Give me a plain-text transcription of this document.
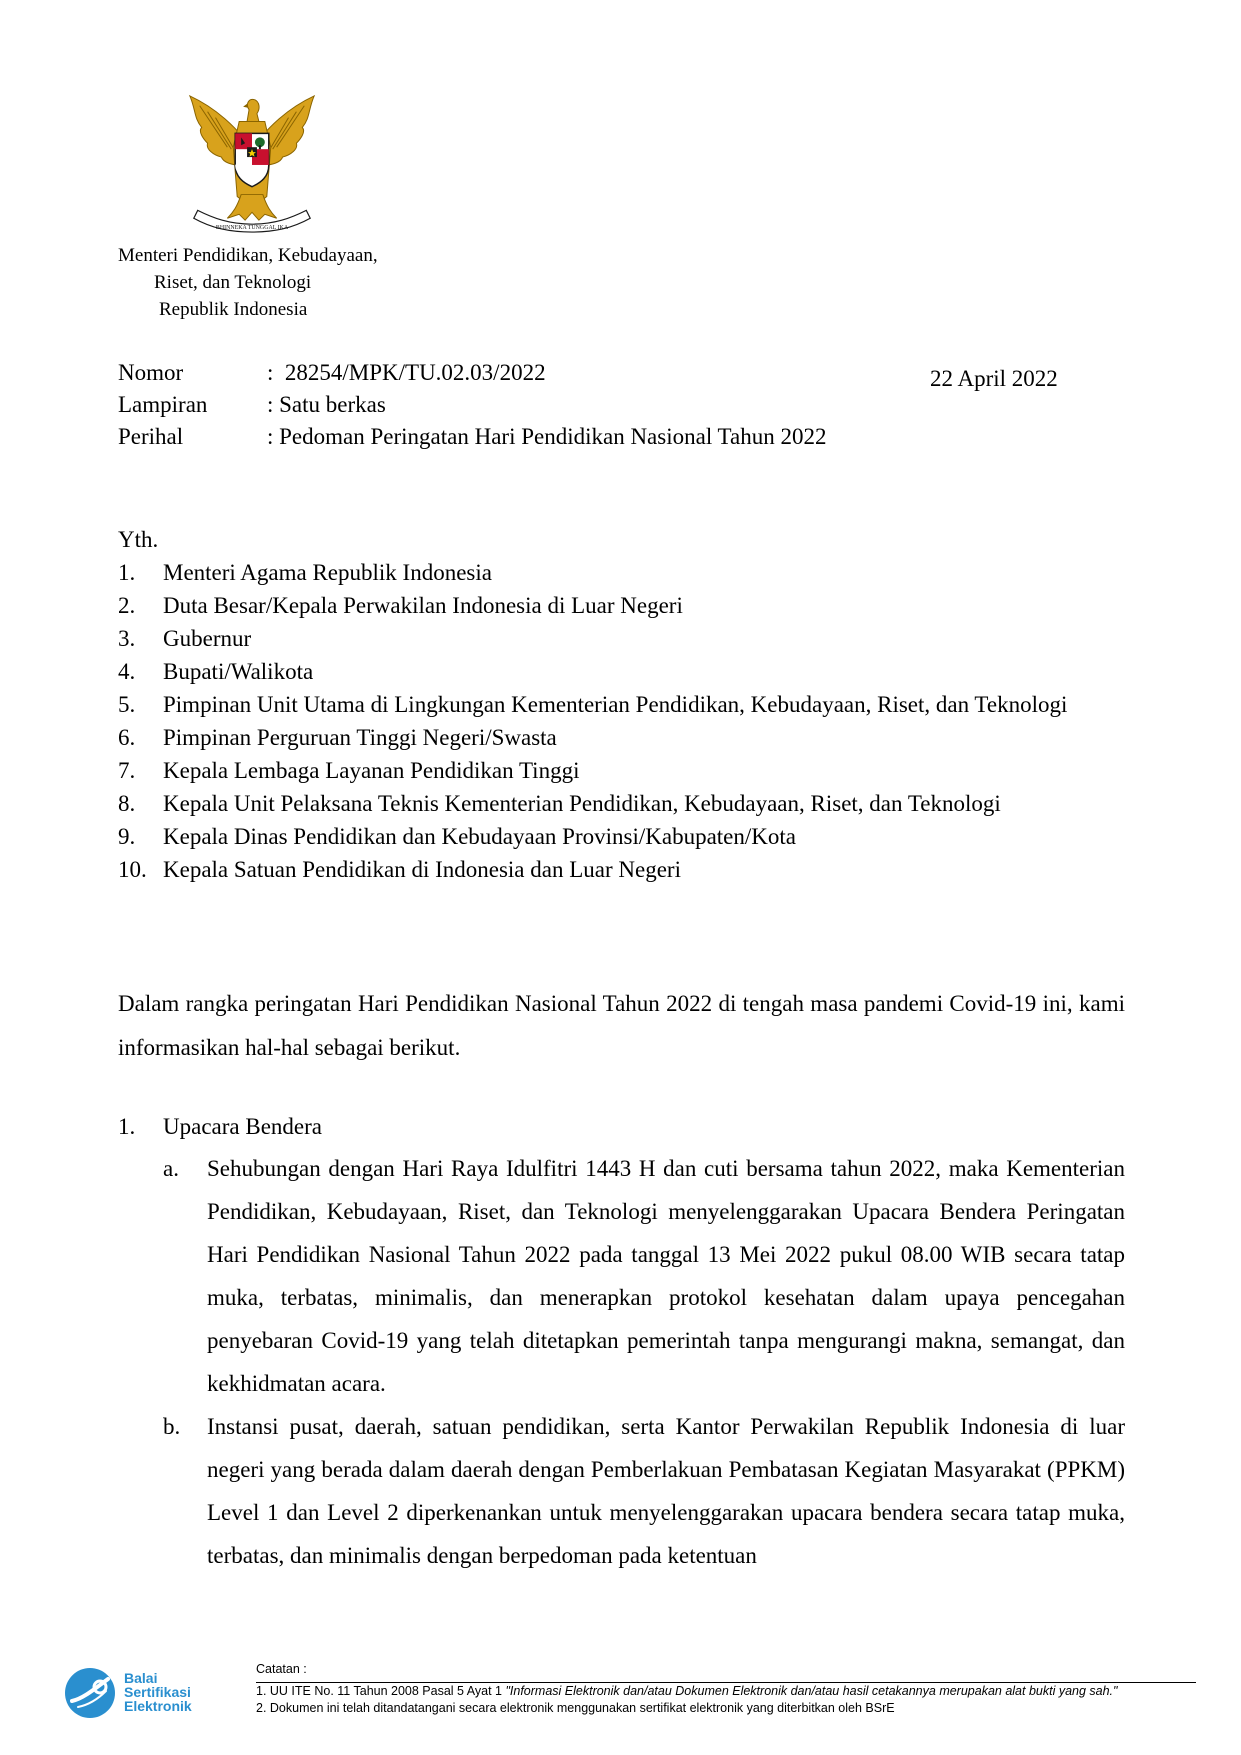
BHINNEKA TUNGGAL IKA
Menteri Pendidikan, Kebudayaan,
Riset, dan Teknologi
Republik Indonesia
Nomor	:  28254/MPK/TU.02.03/2022
Lampiran	: Satu berkas
Perihal	: Pedoman Peringatan Hari Pendidikan Nasional Tahun 2022
22 April 2022
Yth.
1. Menteri Agama Republik Indonesia
2. Duta Besar/Kepala Perwakilan Indonesia di Luar Negeri
3. Gubernur
4. Bupati/Walikota
5. Pimpinan Unit Utama di Lingkungan Kementerian Pendidikan, Kebudayaan, Riset, dan Teknologi
6. Pimpinan Perguruan Tinggi Negeri/Swasta
7. Kepala Lembaga Layanan Pendidikan Tinggi
8. Kepala Unit Pelaksana Teknis Kementerian Pendidikan, Kebudayaan, Riset, dan Teknologi
9. Kepala Dinas Pendidikan dan Kebudayaan Provinsi/Kabupaten/Kota
10. Kepala Satuan Pendidikan di Indonesia dan Luar Negeri
Dalam rangka peringatan Hari Pendidikan Nasional Tahun 2022 di tengah masa pandemi Covid-19 ini, kami informasikan hal-hal sebagai berikut.
1. Upacara Bendera
a. Sehubungan dengan Hari Raya Idulfitri 1443 H dan cuti bersama tahun 2022, maka Kementerian Pendidikan, Kebudayaan, Riset, dan Teknologi menyelenggarakan Upacara Bendera Peringatan Hari Pendidikan Nasional Tahun 2022 pada tanggal 13 Mei 2022 pukul 08.00 WIB secara tatap muka, terbatas, minimalis, dan menerapkan protokol kesehatan dalam upaya pencegahan penyebaran Covid-19 yang telah ditetapkan pemerintah tanpa mengurangi makna, semangat, dan kekhidmatan acara.
b. Instansi pusat, daerah, satuan pendidikan, serta Kantor Perwakilan Republik Indonesia di luar negeri yang berada dalam daerah dengan Pemberlakuan Pembatasan Kegiatan Masyarakat (PPKM) Level 1 dan Level 2 diperkenankan untuk menyelenggarakan upacara bendera secara tatap muka, terbatas, dan minimalis dengan berpedoman pada ketentuan
Balai
Sertifikasi
Elektronik
Catatan :
1. UU ITE No. 11 Tahun 2008 Pasal 5 Ayat 1 "Informasi Elektronik dan/atau Dokumen Elektronik dan/atau hasil cetakannya merupakan alat bukti yang sah."
2. Dokumen ini telah ditandatangani secara elektronik menggunakan sertifikat elektronik yang diterbitkan oleh BSrE
